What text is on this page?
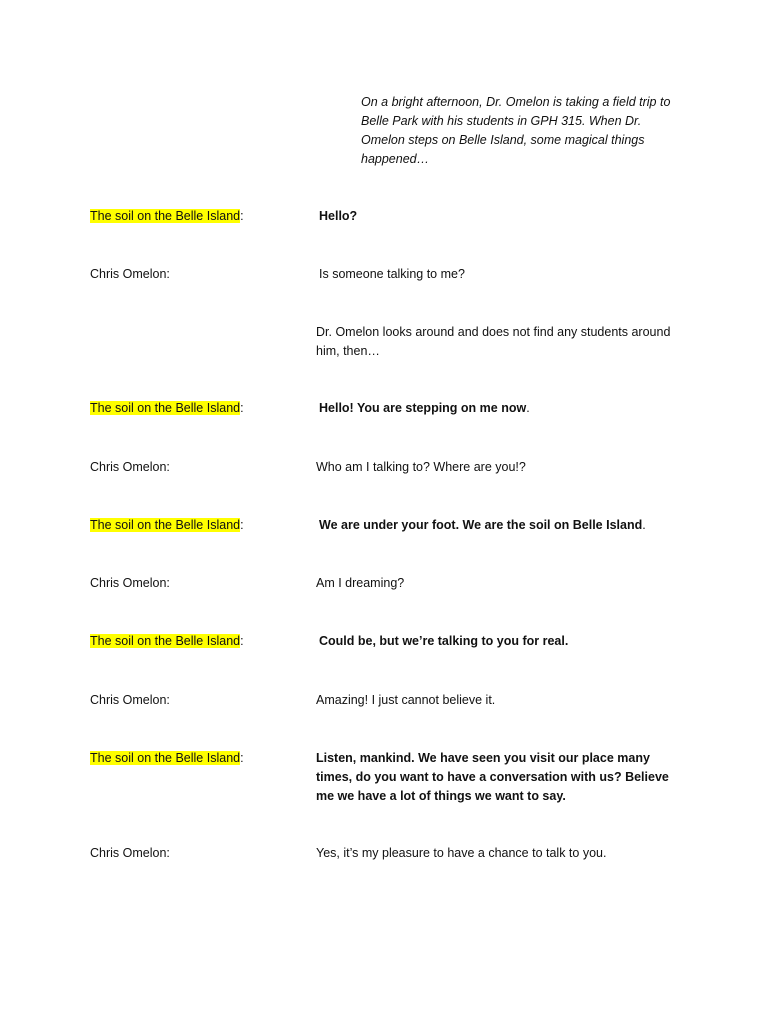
On a bright afternoon, Dr. Omelon is taking a field trip to Belle Park with his students in GPH 315. When Dr. Omelon steps on Belle Island, some magical things happened…
The soil on the Belle Island:	Hello?
Chris Omelon:	Is someone talking to me?
Dr. Omelon looks around and does not find any students around him, then…
The soil on the Belle Island:	Hello! You are stepping on me now.
Chris Omelon:	Who am I talking to? Where are you!?
The soil on the Belle Island:	We are under your foot. We are the soil on Belle Island.
Chris Omelon:	Am I dreaming?
The soil on the Belle Island:	Could be, but we’re talking to you for real.
Chris Omelon:	Amazing! I just cannot believe it.
The soil on the Belle Island:	Listen, mankind. We have seen you visit our place many times, do you want to have a conversation with us? Believe me we have a lot of things we want to say.
Chris Omelon:	Yes, it’s my pleasure to have a chance to talk to you.
